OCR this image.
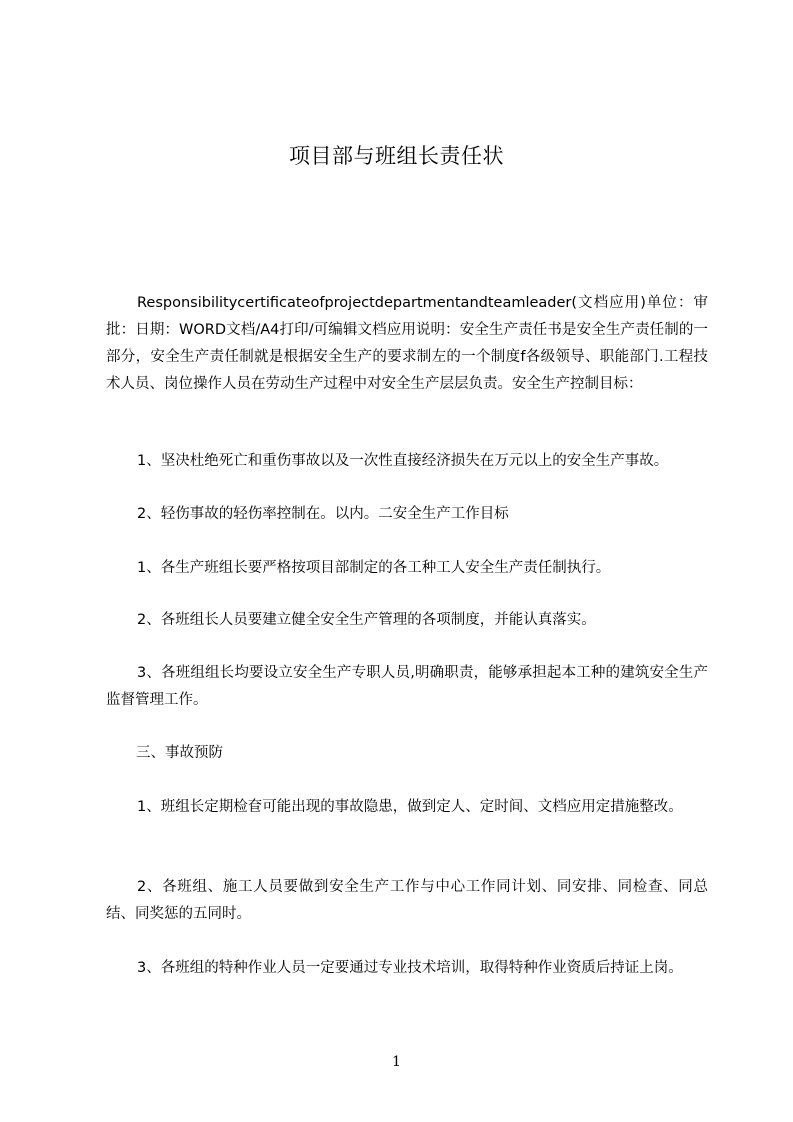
项目部与班组长责任状

Responsibilitycertificateofprojectdepartmentandteamleader(文档应用)单位：审批：日期：WORD文档/A4打印/可编辑文档应用说明：安全生产责任书是安全生产责任制的一部分，安全生产责任制就是根据安全生产的要求制左的一个制度f各级领导、职能部门.工程技术人员、岗位操作人员在劳动生产过程中对安全生产层层负责。安全生产控制目标：

1、坚决杜绝死亡和重伤事故以及一次性直接经济损失在万元以上的安全生产事故。

2、轻伤事故的轻伤率控制在。以内。二安全生产工作目标

1、各生产班组长要严格按项目部制定的各工种工人安全生产责任制执行。

2、各班组长人员要建立健全安全生产管理的各项制度，并能认真落实。

3、各班组组长均要设立安全生产专职人员,明确职责，能够承担起本工种的建筑安全生产监督管理工作。

三、事故预防

1、班组长定期检奆可能出现的事故隐患，做到定人、定时间、文档应用定措施整改。

2、各班组、施工人员要做到安全生产工作与中心工作同计划、同安排、同检查、同总结、同奖惩的五同时。

3、各班组的特种作业人员一定要通过专业技术培训，取得特种作业资质后持证上岗。

1
